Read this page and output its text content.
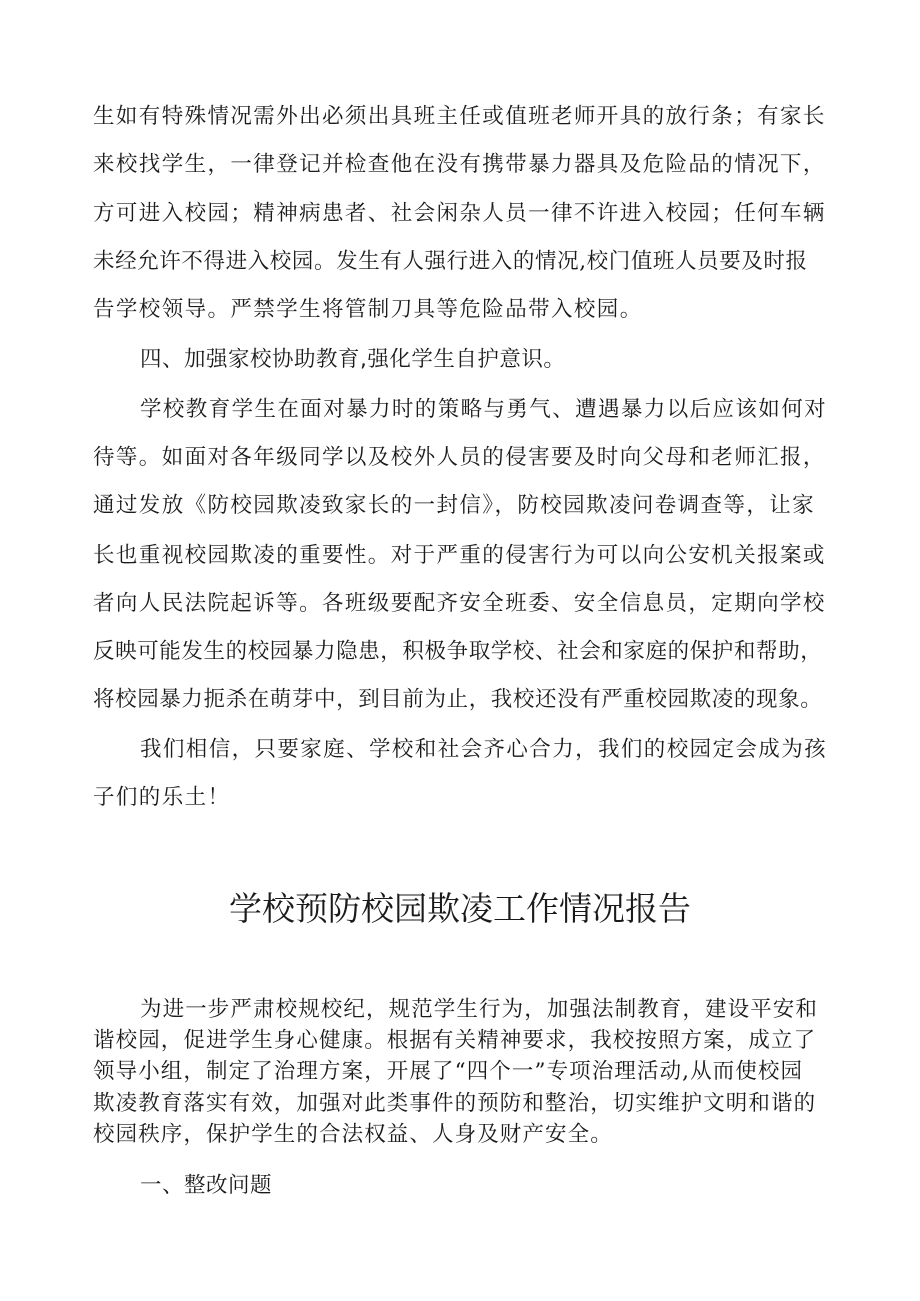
生如有特殊情况需外出必须出具班主任或值班老师开具的放行条；有家长
来校找学生，一律登记并检查他在没有携带暴力器具及危险品的情况下，
方可进入校园；精神病患者、社会闲杂人员一律不许进入校园；任何车辆
未经允许不得进入校园。发生有人强行进入的情况,校门值班人员要及时报
告学校领导。严禁学生将管制刀具等危险品带入校园。
四、加强家校协助教育,强化学生自护意识。
学校教育学生在面对暴力时的策略与勇气、遭遇暴力以后应该如何对
待等。如面对各年级同学以及校外人员的侵害要及时向父母和老师汇报，
通过发放《防校园欺凌致家长的一封信》，防校园欺凌问卷调查等，让家
长也重视校园欺凌的重要性。对于严重的侵害行为可以向公安机关报案或
者向人民法院起诉等。各班级要配齐安全班委、安全信息员，定期向学校
反映可能发生的校园暴力隐患，积极争取学校、社会和家庭的保护和帮助，
将校园暴力扼杀在萌芽中，到目前为止，我校还没有严重校园欺凌的现象。
我们相信，只要家庭、学校和社会齐心合力，我们的校园定会成为孩
子们的乐土！
学校预防校园欺凌工作情况报告
为进一步严肃校规校纪，规范学生行为，加强法制教育，建设平安和
谐校园，促进学生身心健康。根据有关精神要求，我校按照方案，成立了
领导小组，制定了治理方案，开展了“四个一”专项治理活动,从而使校园
欺凌教育落实有效，加强对此类事件的预防和整治，切实维护文明和谐的
校园秩序，保护学生的合法权益、人身及财产安全。
一、整改问题
